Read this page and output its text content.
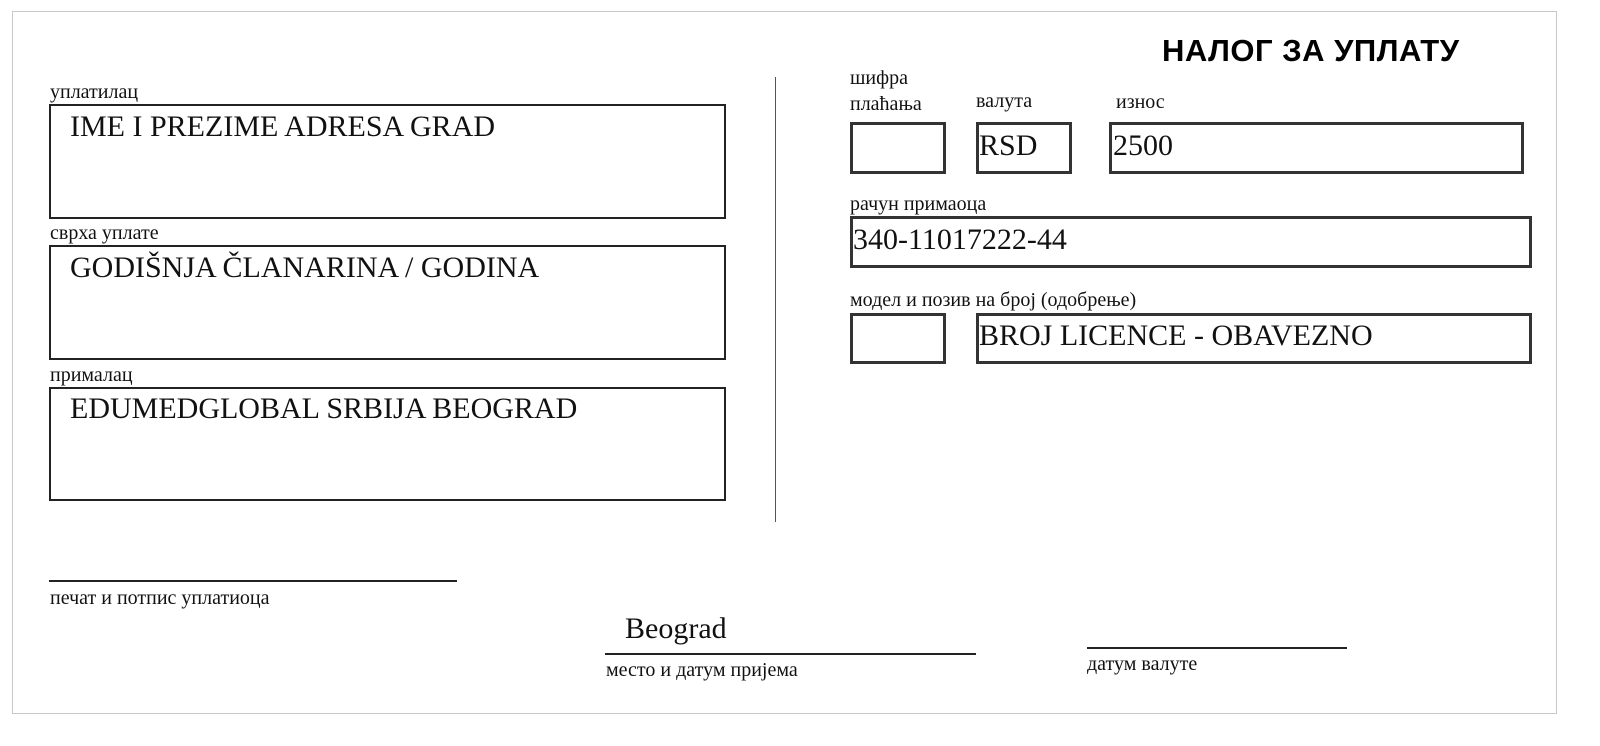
НАЛОГ ЗА УПЛАТУ
уплатилац
IME I PREZIME ADRESA GRAD
сврха уплате
GODIŠNJA ČLANARINA / GODINA
прималац
EDUMEDGLOBAL SRBIJA BEOGRAD
шифра плаћања	валута
RSD
износ
2500
рачун примаоца
340-11017222-44
модел и позив на број (одобрење)
BROJ LICENCE - OBAVEZNO
печат и потпис уплатиоца
Beograd
место и датум пријема	датум валуте
